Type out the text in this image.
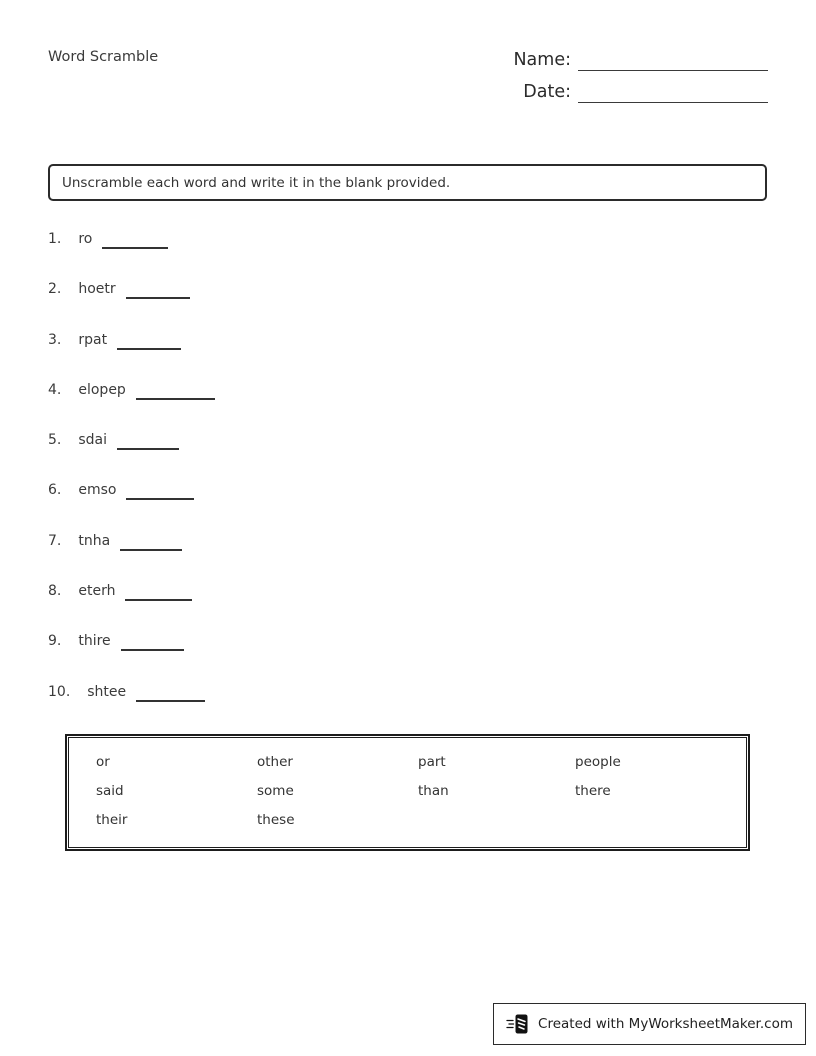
Word Scramble	Name:
Date:
Unscramble each word and write it in the blank provided.
1. ro
2. hoetr
3. rpat
4. elopep
5. sdai
6. emso
7. tnha
8. eterh
9. thire
10. shtee
or	other	part	people
said	some	than	there
their	these
Created with MyWorksheetMaker.com
